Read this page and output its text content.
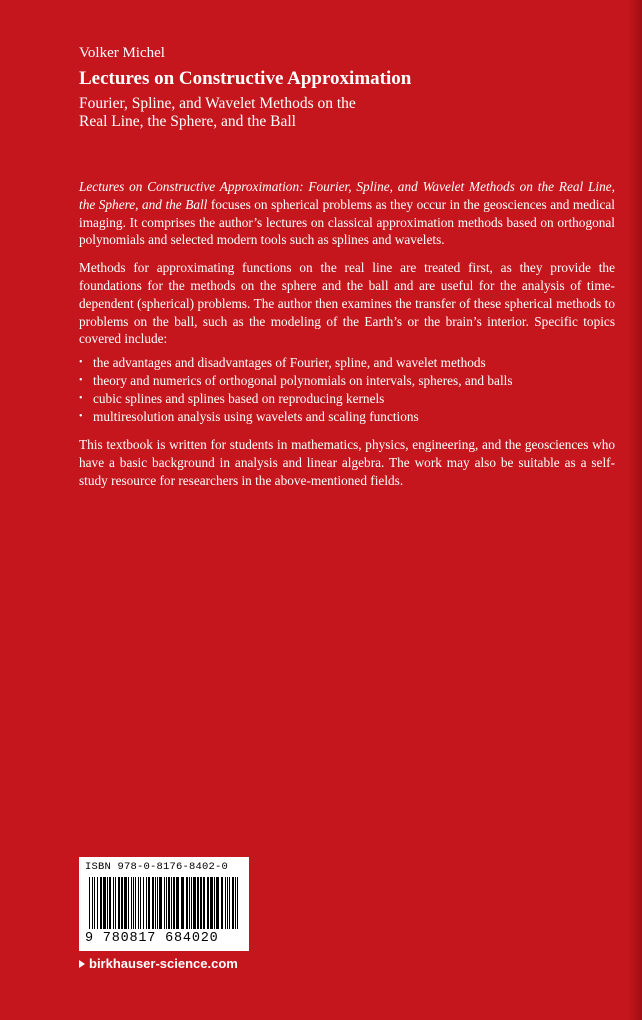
Volker Michel
Lectures on Constructive Approximation
Fourier, Spline, and Wavelet Methods on the
Real Line, the Sphere, and the Ball

Lectures on Constructive Approximation: Fourier, Spline, and Wavelet Methods on the Real Line, the Sphere, and the Ball focuses on spherical problems as they occur in the geosciences and medical imaging. It comprises the author’s lectures on classical approximation methods based on orthogonal polynomials and selected modern tools such as splines and wavelets.

Methods for approximating functions on the real line are treated first, as they provide the foundations for the methods on the sphere and the ball and are useful for the analysis of time-dependent (spherical) problems. The author then examines the transfer of these spherical methods to problems on the ball, such as the modeling of the Earth’s or the brain’s interior. Specific topics covered include:

• the advantages and disadvantages of Fourier, spline, and wavelet methods
• theory and numerics of orthogonal polynomials on intervals, spheres, and balls
• cubic splines and splines based on reproducing kernels
• multiresolution analysis using wavelets and scaling functions

This textbook is written for students in mathematics, physics, engineering, and the geosciences who have a basic background in analysis and linear algebra. The work may also be suitable as a self-study resource for researchers in the above-mentioned fields.

ISBN 978-0-8176-8402-0
9 780817 684020
birkhauser-science.com
